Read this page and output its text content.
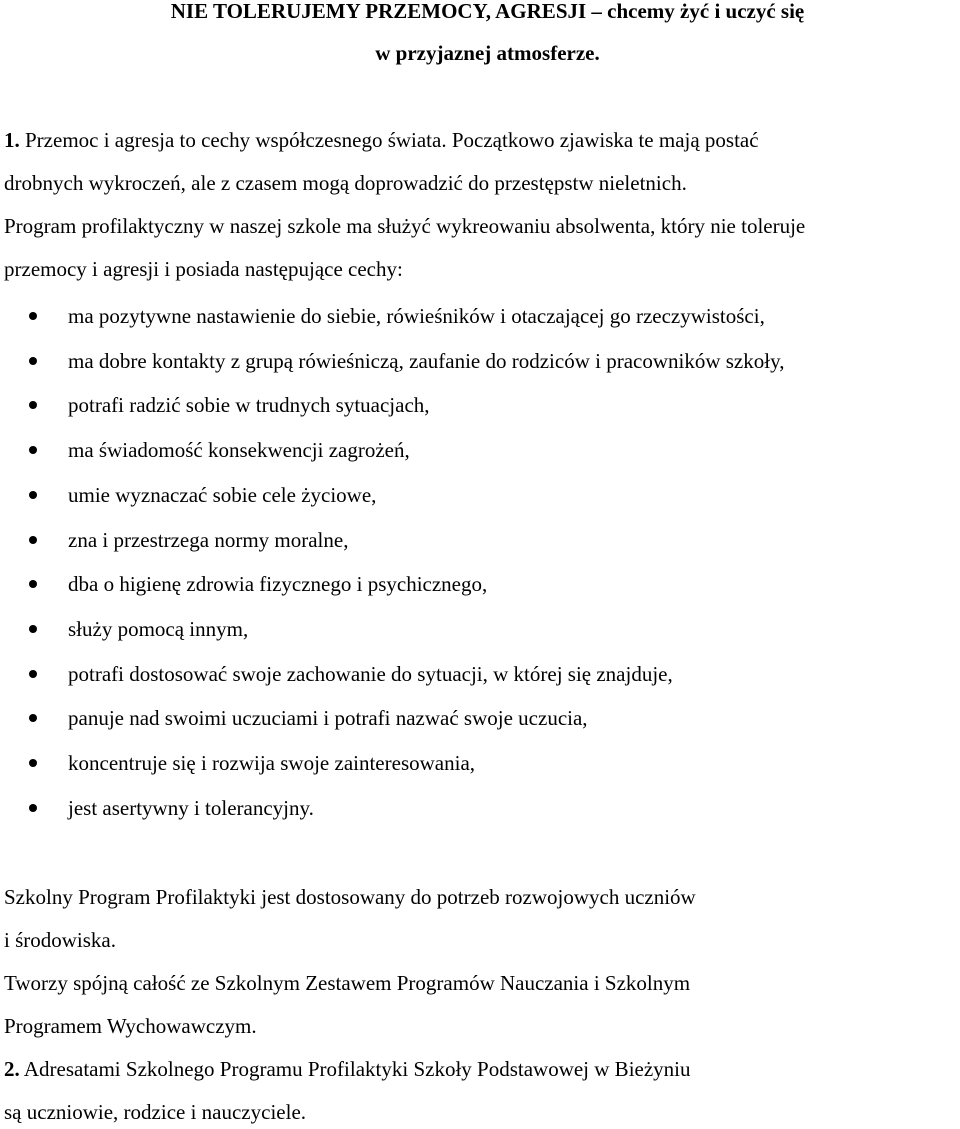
NIE TOLERUJEMY PRZEMOCY, AGRESJI – chcemy żyć i uczyć się
w przyjaznej atmosferze.
1. Przemoc i agresja to cechy współczesnego świata. Początkowo zjawiska te mają postać
drobnych wykroczeń, ale z czasem mogą doprowadzić do przestępstw nieletnich.
Program profilaktyczny w naszej szkole ma służyć wykreowaniu absolwenta, który nie toleruje
przemocy i agresji i posiada następujące cechy:
ma pozytywne nastawienie do siebie, rówieśników i otaczającej go rzeczywistości,
ma dobre kontakty z grupą rówieśniczą, zaufanie do rodziców i pracowników szkoły,
potrafi radzić sobie w trudnych sytuacjach,
ma świadomość konsekwencji zagrożeń,
umie wyznaczać sobie cele życiowe,
zna i przestrzega normy moralne,
dba o higienę zdrowia fizycznego i psychicznego,
służy pomocą innym,
potrafi dostosować swoje zachowanie do sytuacji, w której się znajduje,
panuje nad swoimi uczuciami i potrafi nazwać swoje uczucia,
koncentruje się i rozwija swoje zainteresowania,
jest asertywny i tolerancyjny.
Szkolny Program Profilaktyki jest dostosowany do potrzeb rozwojowych uczniów
i środowiska.
Tworzy spójną całość ze Szkolnym Zestawem Programów Nauczania i Szkolnym
Programem Wychowawczym.
2. Adresatami Szkolnego Programu Profilaktyki Szkoły Podstawowej w Bieżyniu
są uczniowie, rodzice i nauczyciele.
